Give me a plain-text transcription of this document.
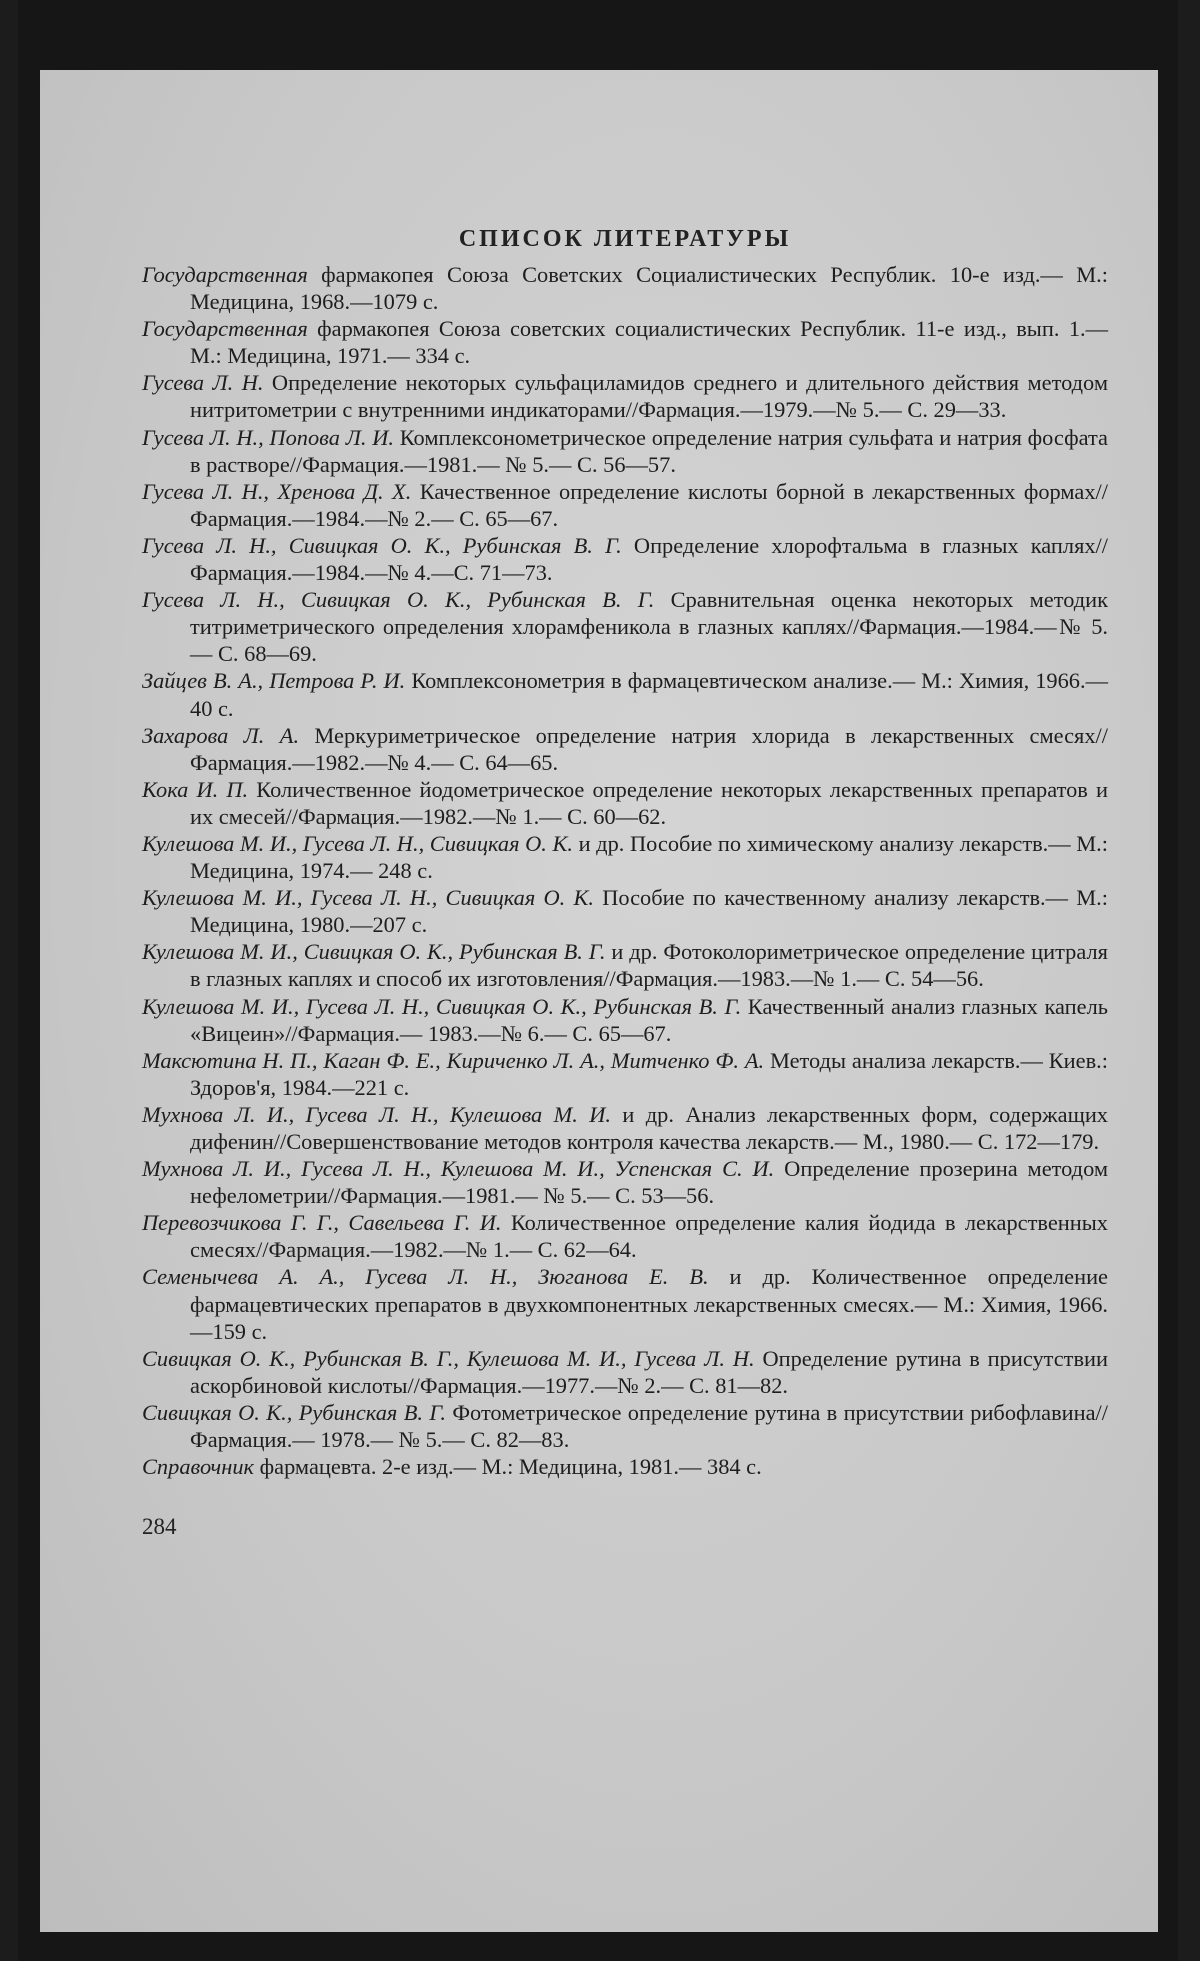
СПИСОК ЛИТЕРАТУРЫ
Государственная фармакопея Союза Советских Социалистических Республик. 10-е изд.— М.: Медицина, 1968.—1079 с.
Государственная фармакопея Союза советских социалистических Республик. 11-е изд., вып. 1.— М.: Медицина, 1971.— 334 с.
Гусева Л. Н. Определение некоторых сульфациламидов среднего и длительного действия методом нитритометрии с внутренними индикаторами//Фармация.—1979.—№ 5.— С. 29—33.
Гусева Л. Н., Попова Л. И. Комплексонометрическое определение натрия сульфата и натрия фосфата в растворе//Фармация.—1981.— № 5.— С. 56—57.
Гусева Л. Н., Хренова Д. Х. Качественное определение кислоты борной в лекарственных формах//Фармация.—1984.—№ 2.— С. 65—67.
Гусева Л. Н., Сивицкая О. К., Рубинская В. Г. Определение хлорофтальма в глазных каплях//Фармация.—1984.—№ 4.—С. 71—73.
Гусева Л. Н., Сивицкая О. К., Рубинская В. Г. Сравнительная оценка некоторых методик титриметрического определения хлорамфеникола в глазных каплях//Фармация.—1984.—№ 5.— С. 68—69.
Зайцев В. А., Петрова Р. И. Комплексонометрия в фармацевтическом анализе.— М.: Химия, 1966.—40 с.
Захарова Л. А. Меркуриметрическое определение натрия хлорида в лекарственных смесях//Фармация.—1982.—№ 4.— С. 64—65.
Кока И. П. Количественное йодометрическое определение некоторых лекарственных препаратов и их смесей//Фармация.—1982.—№ 1.— С. 60—62.
Кулешова М. И., Гусева Л. Н., Сивицкая О. К. и др. Пособие по химическому анализу лекарств.— М.: Медицина, 1974.— 248 с.
Кулешова М. И., Гусева Л. Н., Сивицкая О. К. Пособие по качественному анализу лекарств.— М.: Медицина, 1980.—207 с.
Кулешова М. И., Сивицкая О. К., Рубинская В. Г. и др. Фотоколориметрическое определение цитраля в глазных каплях и способ их изготовления//Фармация.—1983.—№ 1.— С. 54—56.
Кулешова М. И., Гусева Л. Н., Сивицкая О. К., Рубинская В. Г. Качественный анализ глазных капель «Вицеин»//Фармация.— 1983.—№ 6.— С. 65—67.
Максютина Н. П., Каган Ф. Е., Кириченко Л. А., Митченко Ф. А. Методы анализа лекарств.— Киев.: Здоров'я, 1984.—221 с.
Мухнова Л. И., Гусева Л. Н., Кулешова М. И. и др. Анализ лекарственных форм, содержащих дифенин//Совершенствование методов контроля качества лекарств.— М., 1980.— С. 172—179.
Мухнова Л. И., Гусева Л. Н., Кулешова М. И., Успенская С. И. Определение прозерина методом нефелометрии//Фармация.—1981.— № 5.— С. 53—56.
Перевозчикова Г. Г., Савельева Г. И. Количественное определение калия йодида в лекарственных смесях//Фармация.—1982.—№ 1.— С. 62—64.
Семенычева А. А., Гусева Л. Н., Зюганова Е. В. и др. Количественное определение фармацевтических препаратов в двухкомпонентных лекарственных смесях.— М.: Химия, 1966.—159 с.
Сивицкая О. К., Рубинская В. Г., Кулешова М. И., Гусева Л. Н. Определение рутина в присутствии аскорбиновой кислоты//Фармация.—1977.—№ 2.— С. 81—82.
Сивицкая О. К., Рубинская В. Г. Фотометрическое определение рутина в присутствии рибофлавина//Фармация.— 1978.— № 5.— С. 82—83.
Справочник фармацевта. 2-е изд.— М.: Медицина, 1981.— 384 с.
284
